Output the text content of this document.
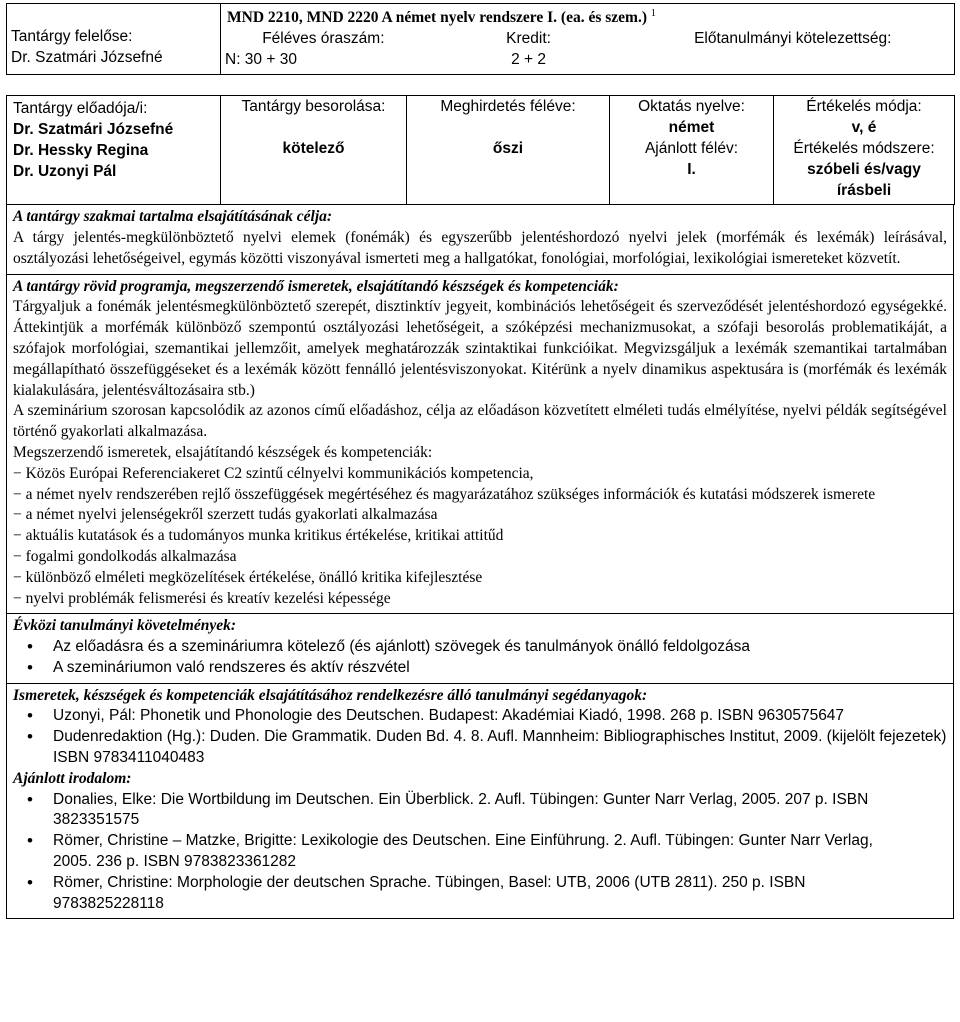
Tantárgy felelőse:
Dr. Szatmári Józsefné

MND 2210, MND 2220 A német nyelv rendszere I. (ea. és szem.) $^1$
Féléves óraszám:
N: 30 + 30
Kredit:
2 + 2
Előtanulmányi kötelezettség:

Tantárgy előadója/i:
Dr. Szatmári Józsefné
Dr. Hessky Regina
Dr. Uzonyi Pál

Tantárgy besorolása:
kötelező

Meghirdetés féléve:
őszi

Oktatás nyelve:
német
Ajánlott félév:
I.

Értékelés módja:
v, é
Értékelés módszere:
szóbeli és/vagy
írásbeli
A tantárgy szakmai tartalma elsajátításának célja:
A tárgy jelentés-megkülönböztető nyelvi elemek (fonémák) és egyszerűbb jelentéshordozó nyelvi jelek (morfémák és lexémák) leírásával, osztályozási lehetőségeivel, egymás közötti viszonyával ismerteti meg a hallgatókat, fonológiai, morfológiai, lexikológiai ismereteket közvetít.

A tantárgy rövid programja, megszerzendő ismeretek, elsajátítandó készségek és kompetenciák:
Tárgyaljuk a fonémák jelentésmegkülönböztető szerepét, disztinktív jegyeit, kombinációs lehetőségeit és szerveződését jelentéshordozó egységekké. Áttekintjük a morfémák különböző szempontú osztályozási lehetőségeit, a szóképzési mechanizmusokat, a szófaji besorolás problematikáját, a szófajok morfológiai, szemantikai jellemzőit, amelyek meghatározzák szintaktikai funkcióikat. Megvizsgáljuk a lexémák szemantikai tartalmában megállapítható összefüggéseket és a lexémák között fennálló jelentésviszonyokat. Kitérünk a nyelv dinamikus aspektusára is (morfémák és lexémák kialakulására, jelentésváltozásaira stb.)
A szeminárium szorosan kapcsolódik az azonos című előadáshoz, célja az előadáson közvetített elméleti tudás elmélyítése, nyelvi példák segítségével történő gyakorlati alkalmazása.
Megszerzendő ismeretek, elsajátítandó készségek és kompetenciák:
− Közös Európai Referenciakeret C2 szintű célnyelvi kommunikációs kompetencia,
− a német nyelv rendszerében rejlő összefüggések megértéséhez és magyarázatához szükséges információk és kutatási módszerek ismerete
− a német nyelvi jelenségekről szerzett tudás gyakorlati alkalmazása
− aktuális kutatások és a tudományos munka kritikus értékelése, kritikai attitűd
− fogalmi gondolkodás alkalmazása
− különböző elméleti megközelítések értékelése, önálló kritika kifejlesztése
− nyelvi problémák felismerési és kreatív kezelési képessége

Évközi tanulmányi követelmények:
• Az előadásra és a szemináriumra kötelező (és ajánlott) szövegek és tanulmányok önálló feldolgozása
• A szemináriumon való rendszeres és aktív részvétel

Ismeretek, készségek és kompetenciák elsajátításához rendelkezésre álló tanulmányi segédanyagok:
• Uzonyi, Pál: Phonetik und Phonologie des Deutschen. Budapest: Akadémiai Kiadó, 1998. 268 p. ISBN 9630575647
• Dudenredaktion (Hg.): Duden. Die Grammatik. Duden Bd. 4. 8. Aufl. Mannheim: Bibliographisches Institut, 2009. (kijelölt fejezetek) ISBN 9783411040483
Ajánlott irodalom:
• Donalies, Elke: Die Wortbildung im Deutschen. Ein Überblick. 2. Aufl. Tübingen: Gunter Narr Verlag, 2005. 207 p. ISBN 3823351575
• Römer, Christine – Matzke, Brigitte: Lexikologie des Deutschen. Eine Einführung. 2. Aufl. Tübingen: Gunter Narr Verlag, 2005. 236 p. ISBN 9783823361282
• Römer, Christine: Morphologie der deutschen Sprache. Tübingen, Basel: UTB, 2006 (UTB 2811). 250 p. ISBN 9783825228118
